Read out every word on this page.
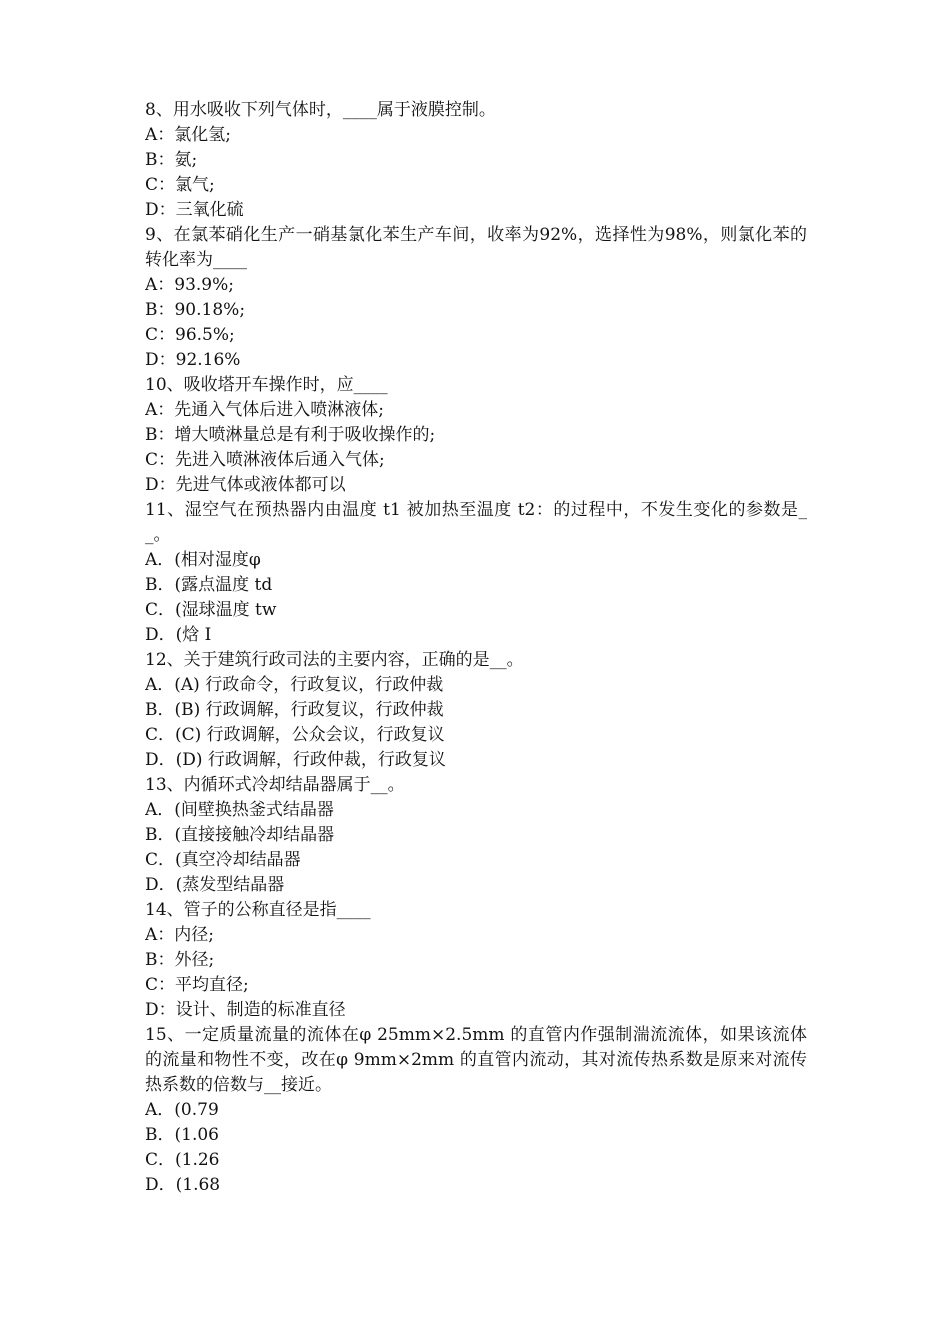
8、用水吸收下列气体时，____属于液膜控制。
A：氯化氢;
B：氨;
C：氯气;
D：三氧化硫
9、在氯苯硝化生产一硝基氯化苯生产车间，收率为92%，选择性为98%，则氯化苯的转化率为____
A：93.9%;
B：90.18%;
C：96.5%;
D：92.16%
10、吸收塔开车操作时，应____
A：先通入气体后进入喷淋液体;
B：增大喷淋量总是有利于吸收操作的;
C：先进入喷淋液体后通入气体;
D：先进气体或液体都可以
11、湿空气在预热器内由温度 t1 被加热至温度 t2：的过程中，不发生变化的参数是__。
A．(相对湿度φ
B．(露点温度 td
C．(湿球温度 tw
D．(焓 I
12、关于建筑行政司法的主要内容，正确的是__。
A．(A) 行政命令，行政复议，行政仲裁
B．(B) 行政调解，行政复议，行政仲裁
C．(C) 行政调解，公众会议，行政复议
D．(D) 行政调解，行政仲裁，行政复议
13、内循环式冷却结晶器属于__。
A．(间壁换热釜式结晶器
B．(直接接触冷却结晶器
C．(真空冷却结晶器
D．(蒸发型结晶器
14、管子的公称直径是指____
A：内径;
B：外径;
C：平均直径;
D：设计、制造的标准直径
15、一定质量流量的流体在φ 25mm×2.5mm 的直管内作强制湍流流体，如果该流体的流量和物性不变，改在φ 9mm×2mm 的直管内流动，其对流传热系数是原来对流传热系数的倍数与__接近。
A．(0.79
B．(1.06
C．(1.26
D．(1.68
